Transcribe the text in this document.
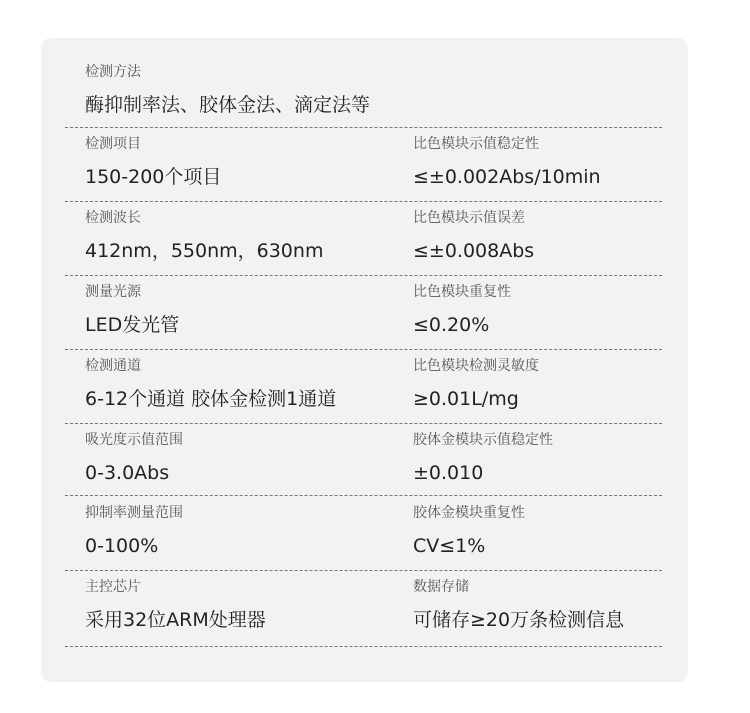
检测方法
酶抑制率法、胶体金法、滴定法等
检测项目
150-200个项目
比色模块示值稳定性
≤±0.002Abs/10min
检测波长
412nm，550nm，630nm
比色模块示值误差
≤±0.008Abs
测量光源
LED发光管
比色模块重复性
≤0.20%
检测通道
6-12个通道 胶体金检测1通道
比色模块检测灵敏度
≥0.01L/mg
吸光度示值范围
0-3.0Abs
胶体金模块示值稳定性
±0.010
抑制率测量范围
0-100%
胶体金模块重复性
CV≤1%
主控芯片
采用32位ARM处理器
数据存储
可储存≥20万条检测信息
